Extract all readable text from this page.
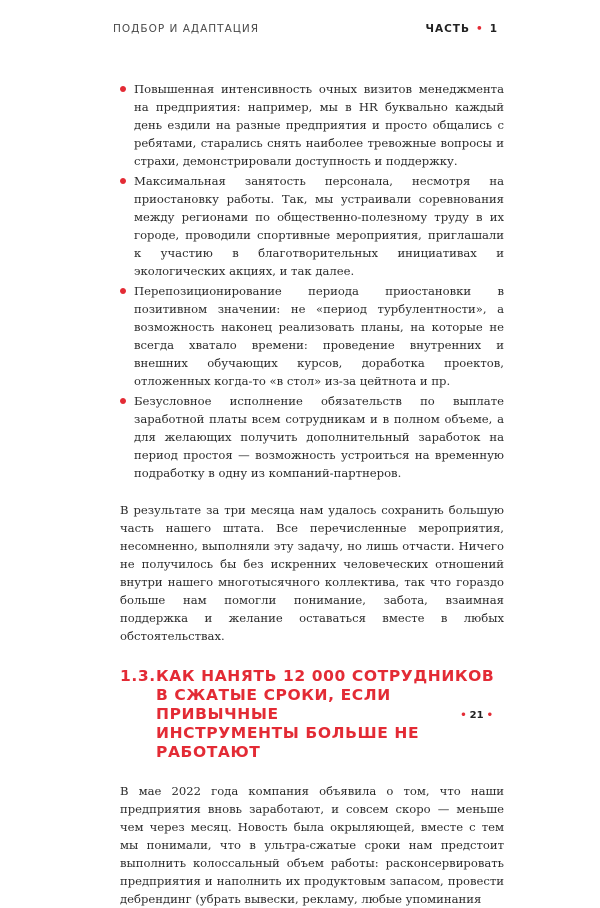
ПОДБОР И АДАПТАЦИЯ	ЧАСТЬ • 1
Повышенная интенсивность очных визитов менеджмента на предприятия: например, мы в HR буквально каждый день ездили на разные предприятия и просто общались с ребятами, старались снять наиболее тревожные вопросы и страхи, демонстрировали доступность и поддержку.
Максимальная занятость персонала, несмотря на приостановку работы. Так, мы устраивали соревнования между регионами по общественно-полезному труду в их городе, проводили спортивные мероприятия, приглашали к участию в благотворительных инициативах и экологических акциях, и так далее.
Перепозиционирование периода приостановки в позитивном значении: не «период турбулентности», а возможность наконец реализовать планы, на которые не всегда хватало времени: проведение внутренних и внешних обучающих курсов, доработка проектов, отложенных когда-то «в стол» из-за цейтнота и пр.
Безусловное исполнение обязательств по выплате заработной платы всем сотрудникам и в полном объеме, а для желающих получить дополнительный заработок на период простоя — возможность устроиться на временную подработку в одну из компаний-партнеров.

В результате за три месяца нам удалось сохранить большую часть нашего штата. Все перечисленные мероприятия, несомненно, выполняли эту задачу, но лишь отчасти. Ничего не получилось бы без искренних человеческих отношений внутри нашего многотысячного коллектива, так что гораздо больше нам помогли понимание, забота, взаимная поддержка и желание оставаться вместе в любых обстоятельствах.

1.3.КАК НАНЯТЬ 12 000 СОТРУДНИКОВ
В СЖАТЫЕ СРОКИ, ЕСЛИ ПРИВЫЧНЫЕ
ИНСТРУМЕНТЫ БОЛЬШЕ НЕ РАБОТАЮТ

В мае 2022 года компания объявила о том, что наши предприятия вновь заработают, и совсем скоро — меньше чем через месяц. Новость была окрыляющей, вместе с тем мы понимали, что в ультра-сжатые сроки нам предстоит выполнить колоссальный объем работы: расконсервировать предприятия и наполнить их продуктовым запасом, провести дебрендинг (убрать вывески, рекламу, любые упоминания

• 21 •
